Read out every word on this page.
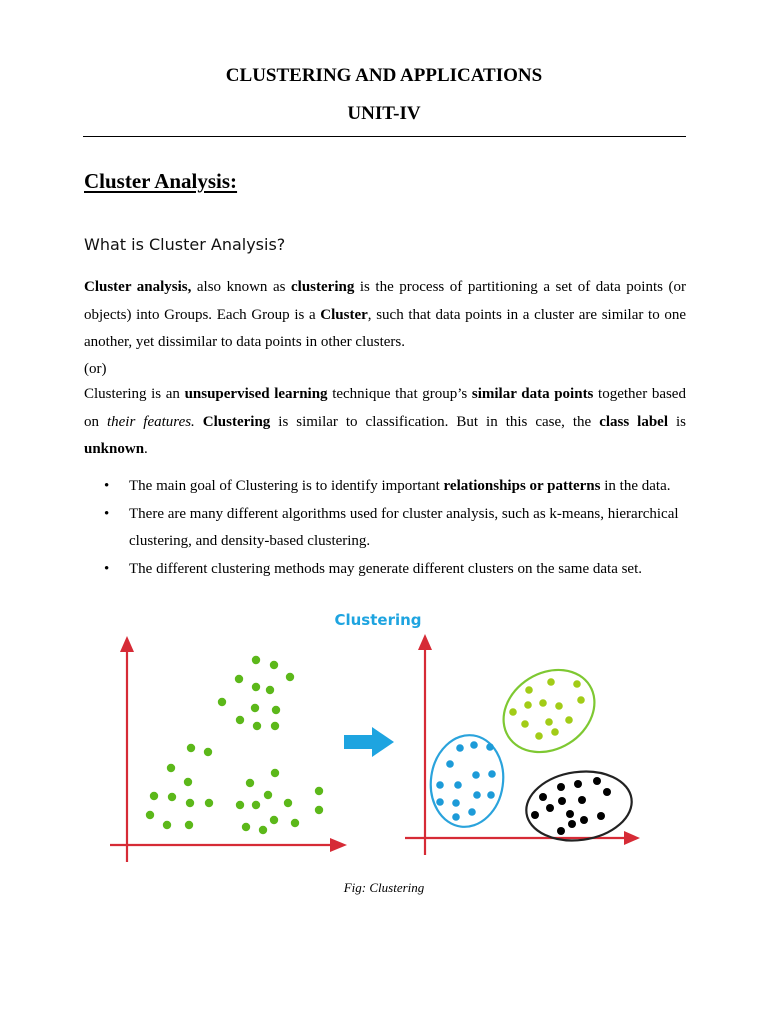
CLUSTERING AND APPLICATIONS
UNIT-IV
Cluster Analysis:
What is Cluster Analysis?
Cluster analysis, also known as clustering is the process of partitioning a set of data points (or objects) into Groups. Each Group is a Cluster, such that data points in a cluster are similar to one another, yet dissimilar to data points in other clusters.
(or)
Clustering is an unsupervised learning technique that group’s similar data points together based on their features. Clustering is similar to classification. But in this case, the class label is unknown.
• The main goal of Clustering is to identify important relationships or patterns in the data.
• There are many different algorithms used for cluster analysis, such as k-means, hierarchical clustering, and density-based clustering.
• The different clustering methods may generate different clusters on the same data set.
Clustering
Fig: Clustering
